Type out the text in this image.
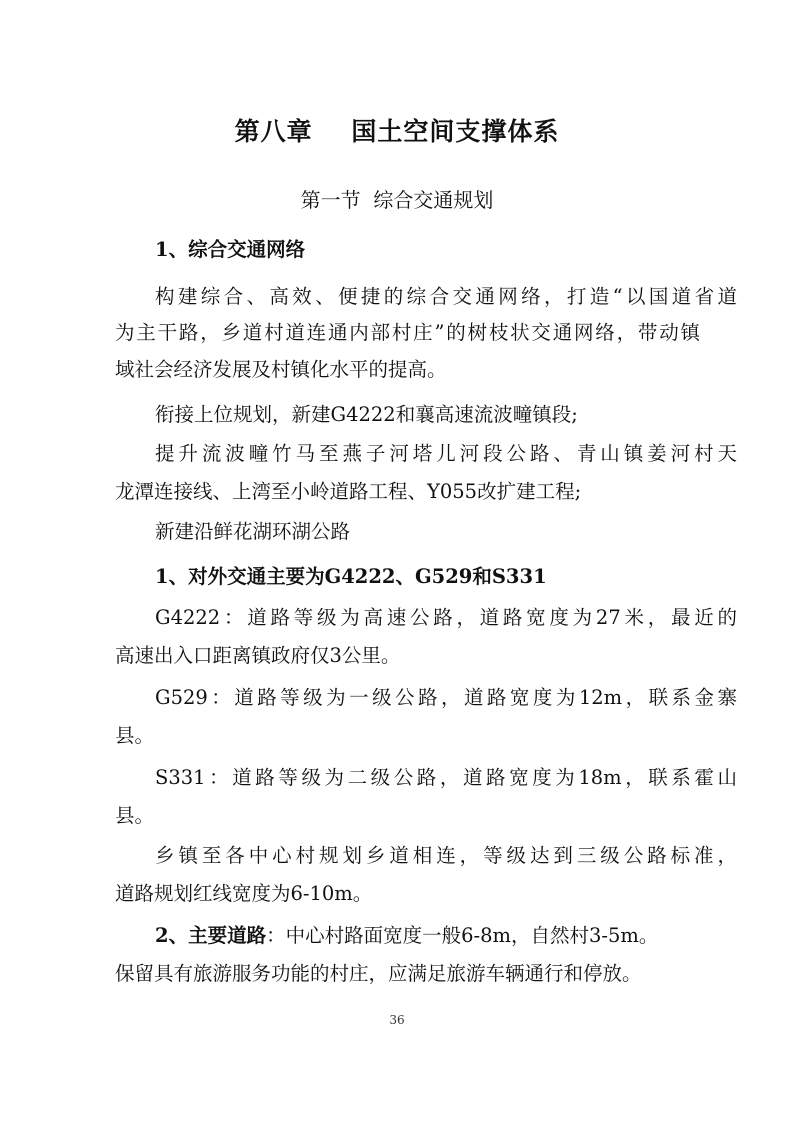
第八章    国土空间支撑体系
第一节  综合交通规划
1、综合交通网络
构建综合、高效、便捷的综合交通网络，打造“以国道省道
为主干路，乡道村道连通内部村庄”的树枝状交通网络，带动镇
域社会经济发展及村镇化水平的提高。
衔接上位规划，新建G4222和襄高速流波疃镇段;
提升流波疃竹马至燕子河塔儿河段公路、青山镇姜河村天
龙潭连接线、上湾至小岭道路工程、Y055改扩建工程;
新建沿鲜花湖环湖公路
1、对外交通主要为G4222、G529和S331
G4222：道路等级为高速公路，道路宽度为27米，最近的
高速出入口距离镇政府仅3公里。
G529：道路等级为一级公路，道路宽度为12m，联系金寨
县。
S331：道路等级为二级公路，道路宽度为18m，联系霍山
县。
乡镇至各中心村规划乡道相连，等级达到三级公路标准，
道路规划红线宽度为6-10m。
2、主要道路：中心村路面宽度一般6-8m，自然村3-5m。
保留具有旅游服务功能的村庄，应满足旅游车辆通行和停放。
36
